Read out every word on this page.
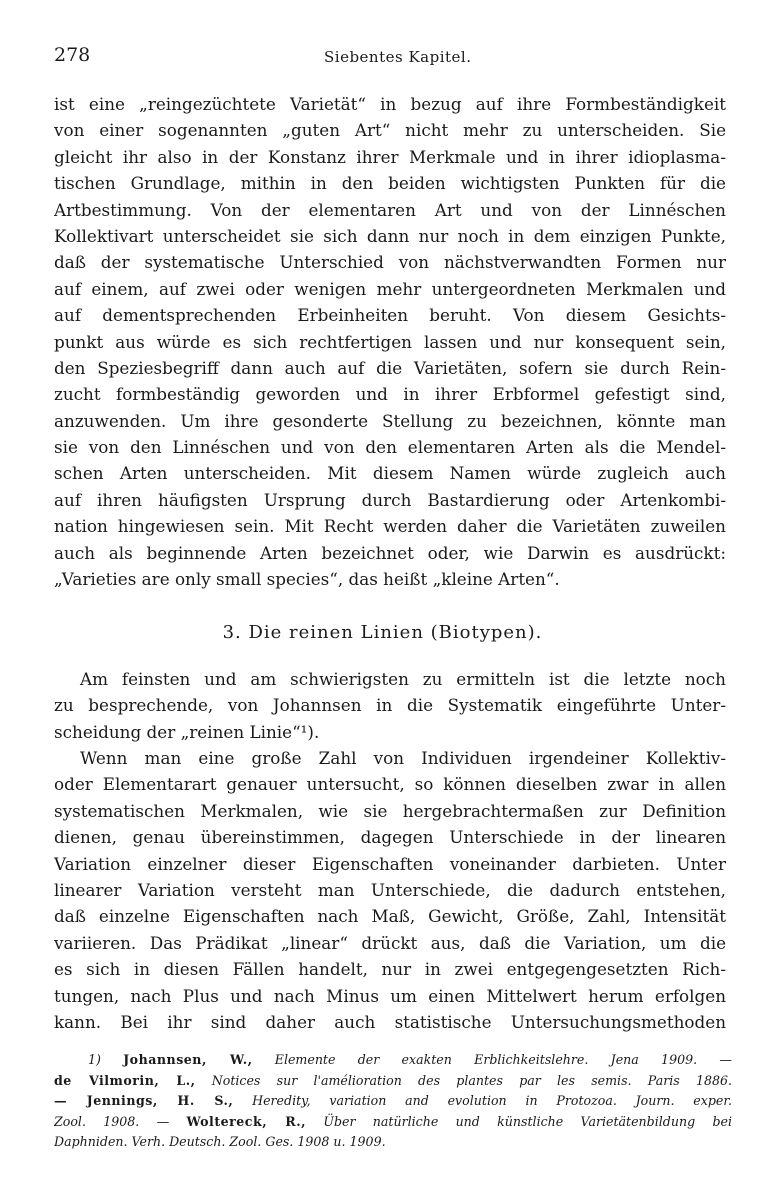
278	Siebentes Kapitel.
ist eine „reingezüchtete Varietät“ in bezug auf ihre Formbeständigkeit
von einer sogenannten „guten Art“ nicht mehr zu unterscheiden. Sie
gleicht ihr also in der Konstanz ihrer Merkmale und in ihrer idioplasma-
tischen Grundlage, mithin in den beiden wichtigsten Punkten für die
Artbestimmung. Von der elementaren Art und von der Linnéschen
Kollektivart unterscheidet sie sich dann nur noch in dem einzigen Punkte,
daß der systematische Unterschied von nächstverwandten Formen nur
auf einem, auf zwei oder wenigen mehr untergeordneten Merkmalen und
auf dementsprechenden Erbeinheiten beruht. Von diesem Gesichts-
punkt aus würde es sich rechtfertigen lassen und nur konsequent sein,
den Speziesbegriff dann auch auf die Varietäten, sofern sie durch Rein-
zucht formbeständig geworden und in ihrer Erbformel gefestigt sind,
anzuwenden. Um ihre gesonderte Stellung zu bezeichnen, könnte man
sie von den Linnéschen und von den elementaren Arten als die Mendel-
schen Arten unterscheiden. Mit diesem Namen würde zugleich auch
auf ihren häufigsten Ursprung durch Bastardierung oder Artenkombi-
nation hingewiesen sein. Mit Recht werden daher die Varietäten zuweilen
auch als beginnende Arten bezeichnet oder, wie Darwin es ausdrückt:
„Varieties are only small species“, das heißt „kleine Arten“.
3. Die reinen Linien (Biotypen).
Am feinsten und am schwierigsten zu ermitteln ist die letzte noch
zu besprechende, von Johannsen in die Systematik eingeführte Unter-
scheidung der „reinen Linie“¹).
Wenn man eine große Zahl von Individuen irgendeiner Kollektiv-
oder Elementarart genauer untersucht, so können dieselben zwar in allen
systematischen Merkmalen, wie sie hergebrachtermaßen zur Definition
dienen, genau übereinstimmen, dagegen Unterschiede in der linearen
Variation einzelner dieser Eigenschaften voneinander darbieten. Unter
linearer Variation versteht man Unterschiede, die dadurch entstehen,
daß einzelne Eigenschaften nach Maß, Gewicht, Größe, Zahl, Intensität
variieren. Das Prädikat „linear“ drückt aus, daß die Variation, um die
es sich in diesen Fällen handelt, nur in zwei entgegengesetzten Rich-
tungen, nach Plus und nach Minus um einen Mittelwert herum erfolgen
kann. Bei ihr sind daher auch statistische Untersuchungsmethoden
1) Johannsen, W., Elemente der exakten Erblichkeitslehre. Jena 1909. —
de Vilmorin, L., Notices sur l'amélioration des plantes par les semis. Paris 1886.
— Jennings, H. S., Heredity, variation and evolution in Protozoa. Journ. exper.
Zool. 1908. — Woltereck, R., Über natürliche und künstliche Varietätenbildung bei
Daphniden. Verh. Deutsch. Zool. Ges. 1908 u. 1909.
